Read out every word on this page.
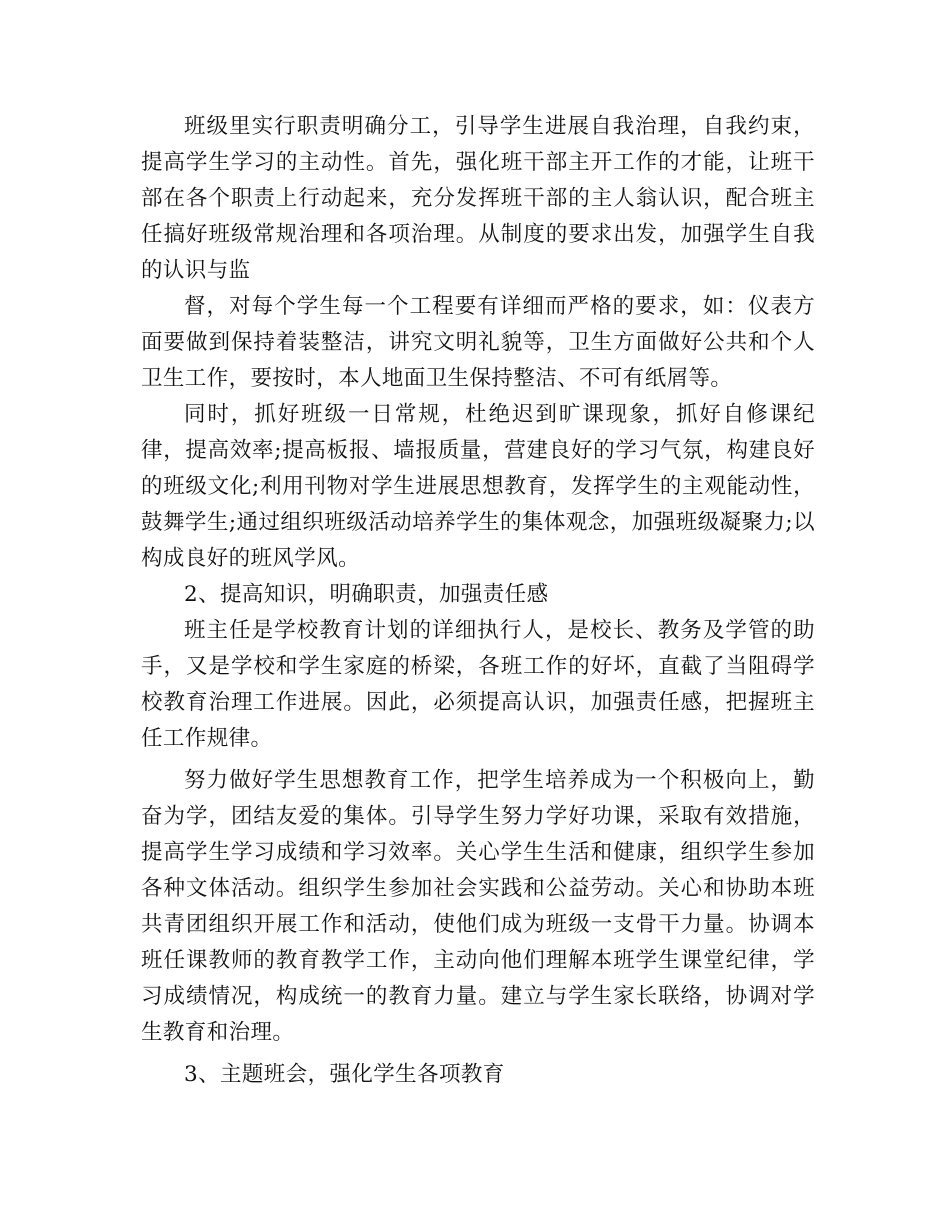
班级里实行职责明确分工，引导学生进展自我治理，自我约束，提高学生学习的主动性。首先，强化班干部主开工作的才能，让班干部在各个职责上行动起来，充分发挥班干部的主人翁认识，配合班主任搞好班级常规治理和各项治理。从制度的要求出发，加强学生自我的认识与监

督，对每个学生每一个工程要有详细而严格的要求，如：仪表方面要做到保持着装整洁，讲究文明礼貌等，卫生方面做好公共和个人卫生工作，要按时，本人地面卫生保持整洁、不可有纸屑等。

同时，抓好班级一日常规，杜绝迟到旷课现象，抓好自修课纪律，提高效率;提高板报、墙报质量，营建良好的学习气氛，构建良好的班级文化;利用刊物对学生进展思想教育，发挥学生的主观能动性，鼓舞学生;通过组织班级活动培养学生的集体观念，加强班级凝聚力;以构成良好的班风学风。

2、提高知识，明确职责，加强责任感

班主任是学校教育计划的详细执行人，是校长、教务及学管的助手，又是学校和学生家庭的桥梁，各班工作的好坏，直截了当阻碍学校教育治理工作进展。因此，必须提高认识，加强责任感，把握班主任工作规律。

努力做好学生思想教育工作，把学生培养成为一个积极向上，勤奋为学，团结友爱的集体。引导学生努力学好功课，采取有效措施，提高学生学习成绩和学习效率。关心学生生活和健康，组织学生参加各种文体活动。组织学生参加社会实践和公益劳动。关心和协助本班共青团组织开展工作和活动，使他们成为班级一支骨干力量。协调本班任课教师的教育教学工作，主动向他们理解本班学生课堂纪律，学习成绩情况，构成统一的教育力量。建立与学生家长联络，协调对学生教育和治理。

3、主题班会，强化学生各项教育
